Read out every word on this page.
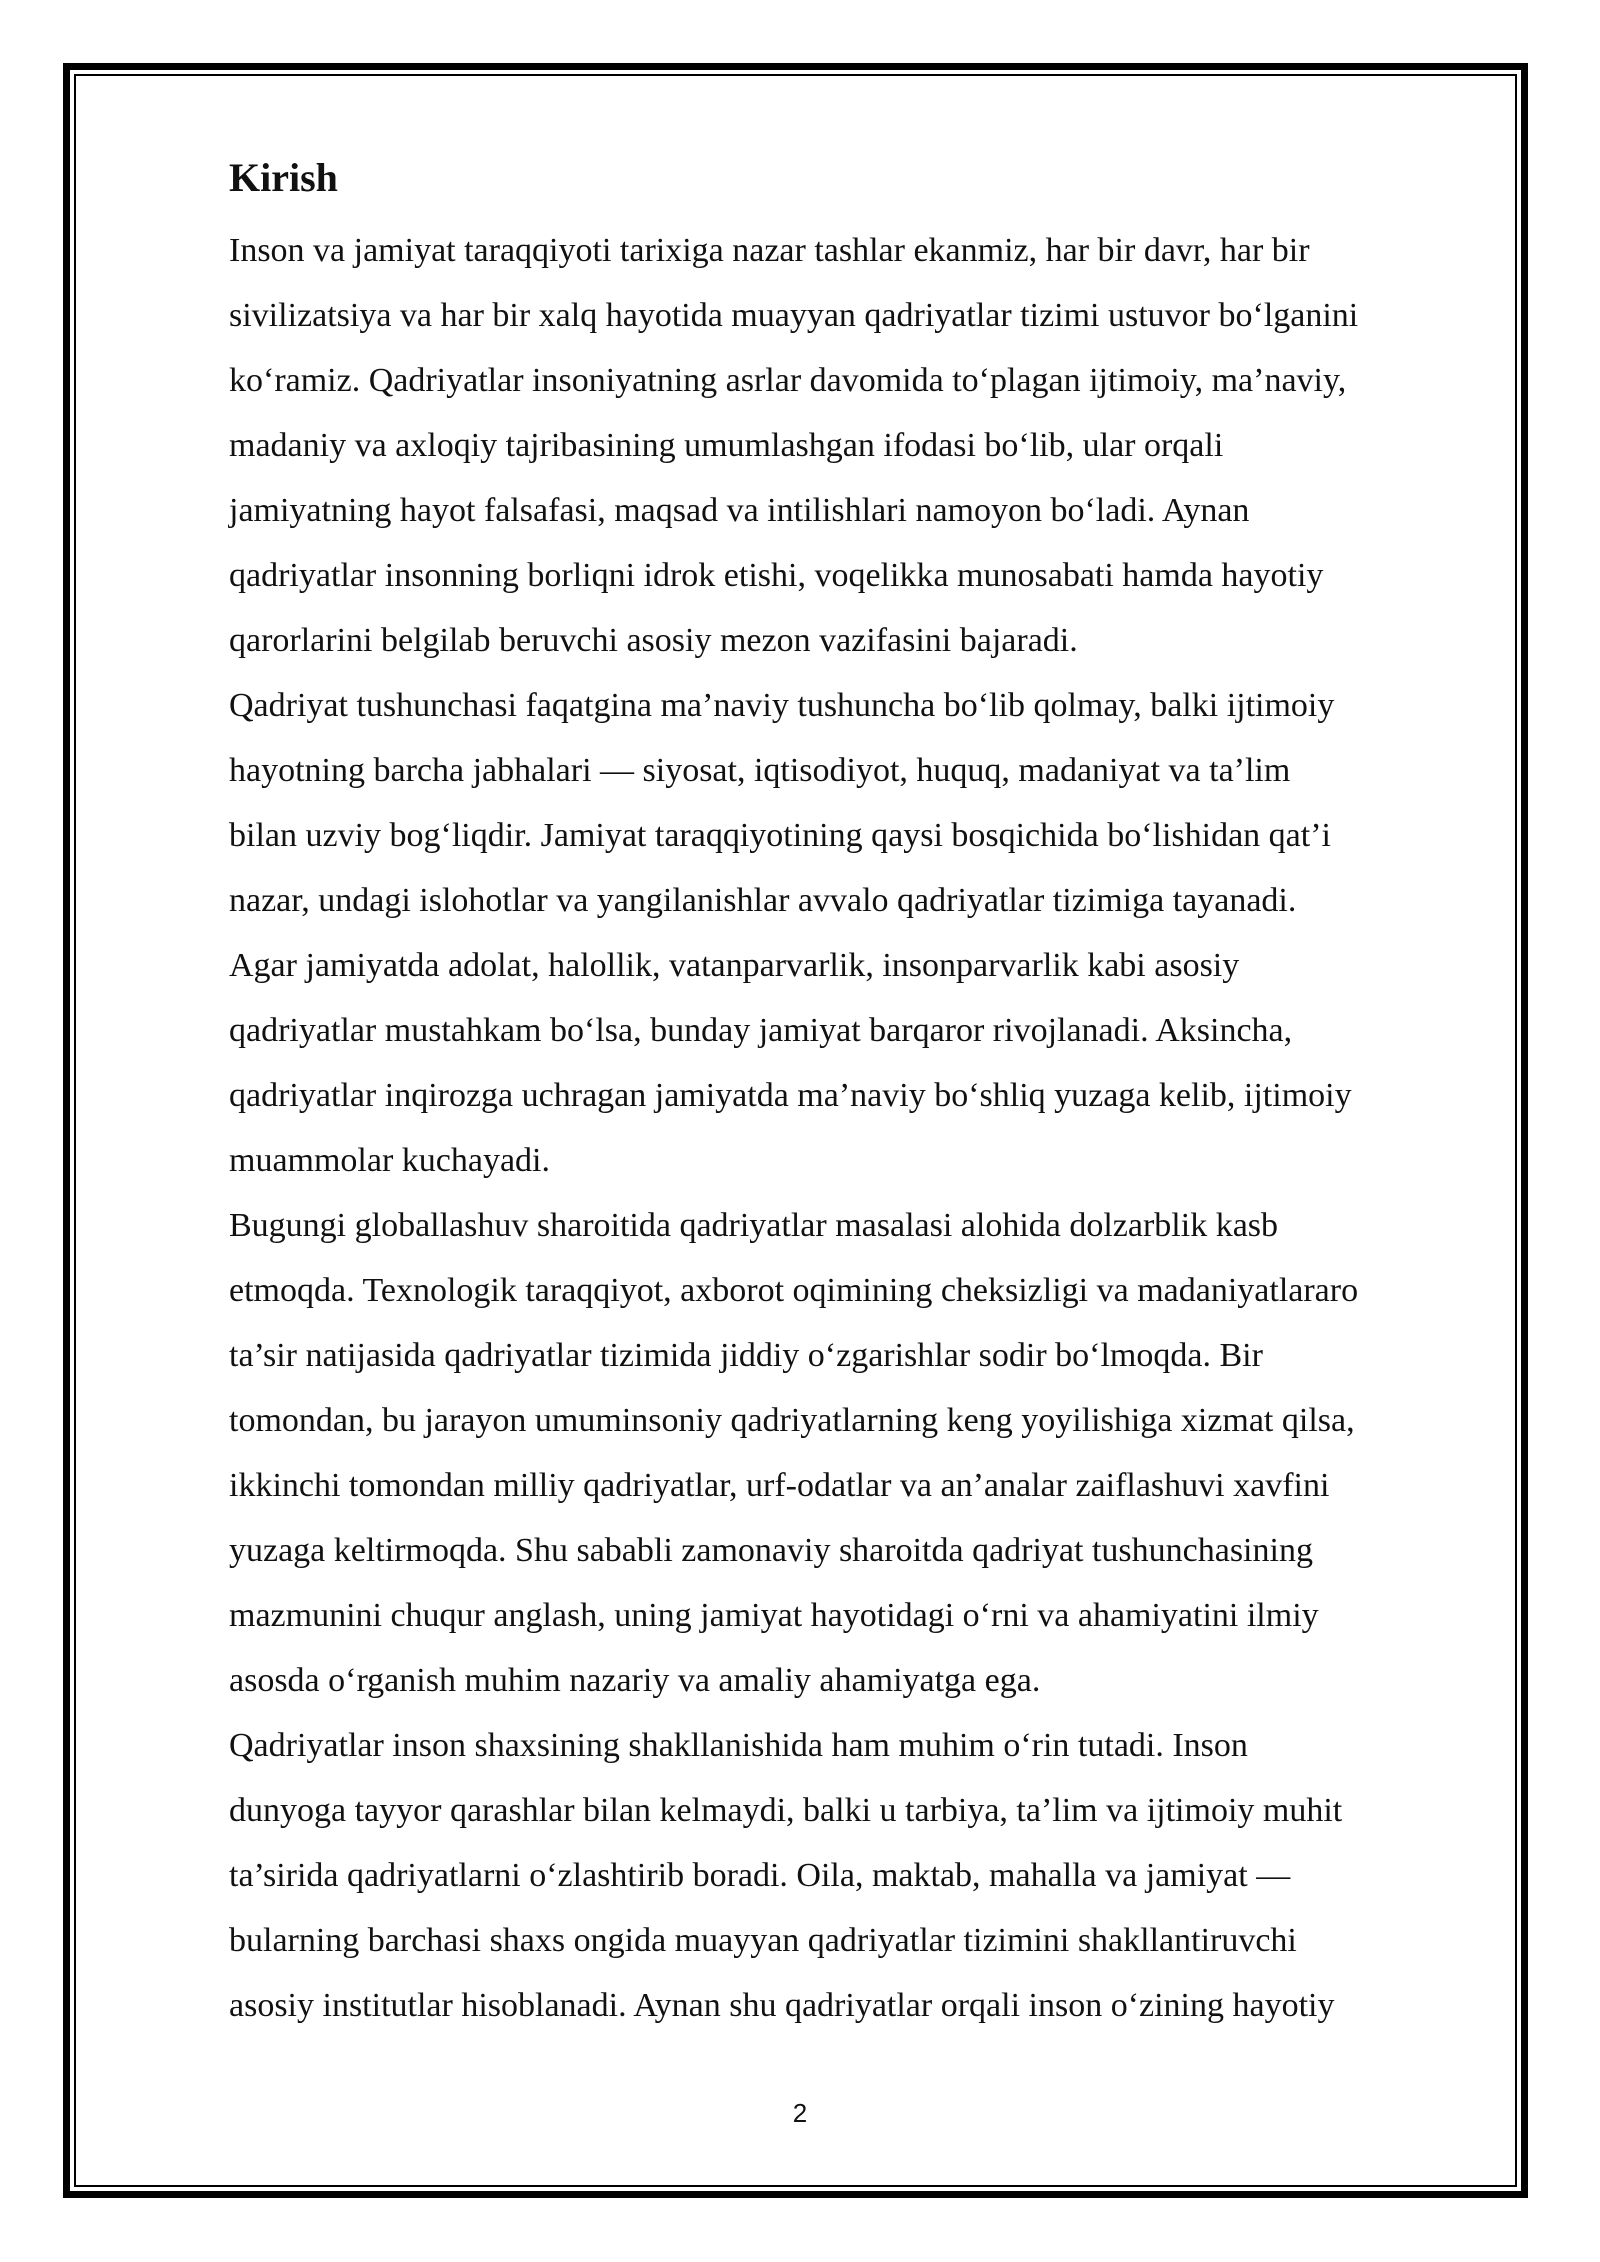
Kirish
Inson va jamiyat taraqqiyoti tarixiga nazar tashlar ekanmiz, har bir davr, har bir
sivilizatsiya va har bir xalq hayotida muayyan qadriyatlar tizimi ustuvor bo‘lganini
ko‘ramiz. Qadriyatlar insoniyatning asrlar davomida to‘plagan ijtimoiy, ma’naviy,
madaniy va axloqiy tajribasining umumlashgan ifodasi bo‘lib, ular orqali
jamiyatning hayot falsafasi, maqsad va intilishlari namoyon bo‘ladi. Aynan
qadriyatlar insonning borliqni idrok etishi, voqelikka munosabati hamda hayotiy
qarorlarini belgilab beruvchi asosiy mezon vazifasini bajaradi.
Qadriyat tushunchasi faqatgina ma’naviy tushuncha bo‘lib qolmay, balki ijtimoiy
hayotning barcha jabhalari — siyosat, iqtisodiyot, huquq, madaniyat va ta’lim
bilan uzviy bog‘liqdir. Jamiyat taraqqiyotining qaysi bosqichida bo‘lishidan qat’i
nazar, undagi islohotlar va yangilanishlar avvalo qadriyatlar tizimiga tayanadi.
Agar jamiyatda adolat, halollik, vatanparvarlik, insonparvarlik kabi asosiy
qadriyatlar mustahkam bo‘lsa, bunday jamiyat barqaror rivojlanadi. Aksincha,
qadriyatlar inqirozga uchragan jamiyatda ma’naviy bo‘shliq yuzaga kelib, ijtimoiy
muammolar kuchayadi.
Bugungi globallashuv sharoitida qadriyatlar masalasi alohida dolzarblik kasb
etmoqda. Texnologik taraqqiyot, axborot oqimining cheksizligi va madaniyatlararo
ta’sir natijasida qadriyatlar tizimida jiddiy o‘zgarishlar sodir bo‘lmoqda. Bir
tomondan, bu jarayon umuminsoniy qadriyatlarning keng yoyilishiga xizmat qilsa,
ikkinchi tomondan milliy qadriyatlar, urf-odatlar va an’analar zaiflashuvi xavfini
yuzaga keltirmoqda. Shu sababli zamonaviy sharoitda qadriyat tushunchasining
mazmunini chuqur anglash, uning jamiyat hayotidagi o‘rni va ahamiyatini ilmiy
asosda o‘rganish muhim nazariy va amaliy ahamiyatga ega.
Qadriyatlar inson shaxsining shakllanishida ham muhim o‘rin tutadi. Inson
dunyoga tayyor qarashlar bilan kelmaydi, balki u tarbiya, ta’lim va ijtimoiy muhit
ta’sirida qadriyatlarni o‘zlashtirib boradi. Oila, maktab, mahalla va jamiyat —
bularning barchasi shaxs ongida muayyan qadriyatlar tizimini shakllantiruvchi
asosiy institutlar hisoblanadi. Aynan shu qadriyatlar orqali inson o‘zining hayotiy
2
